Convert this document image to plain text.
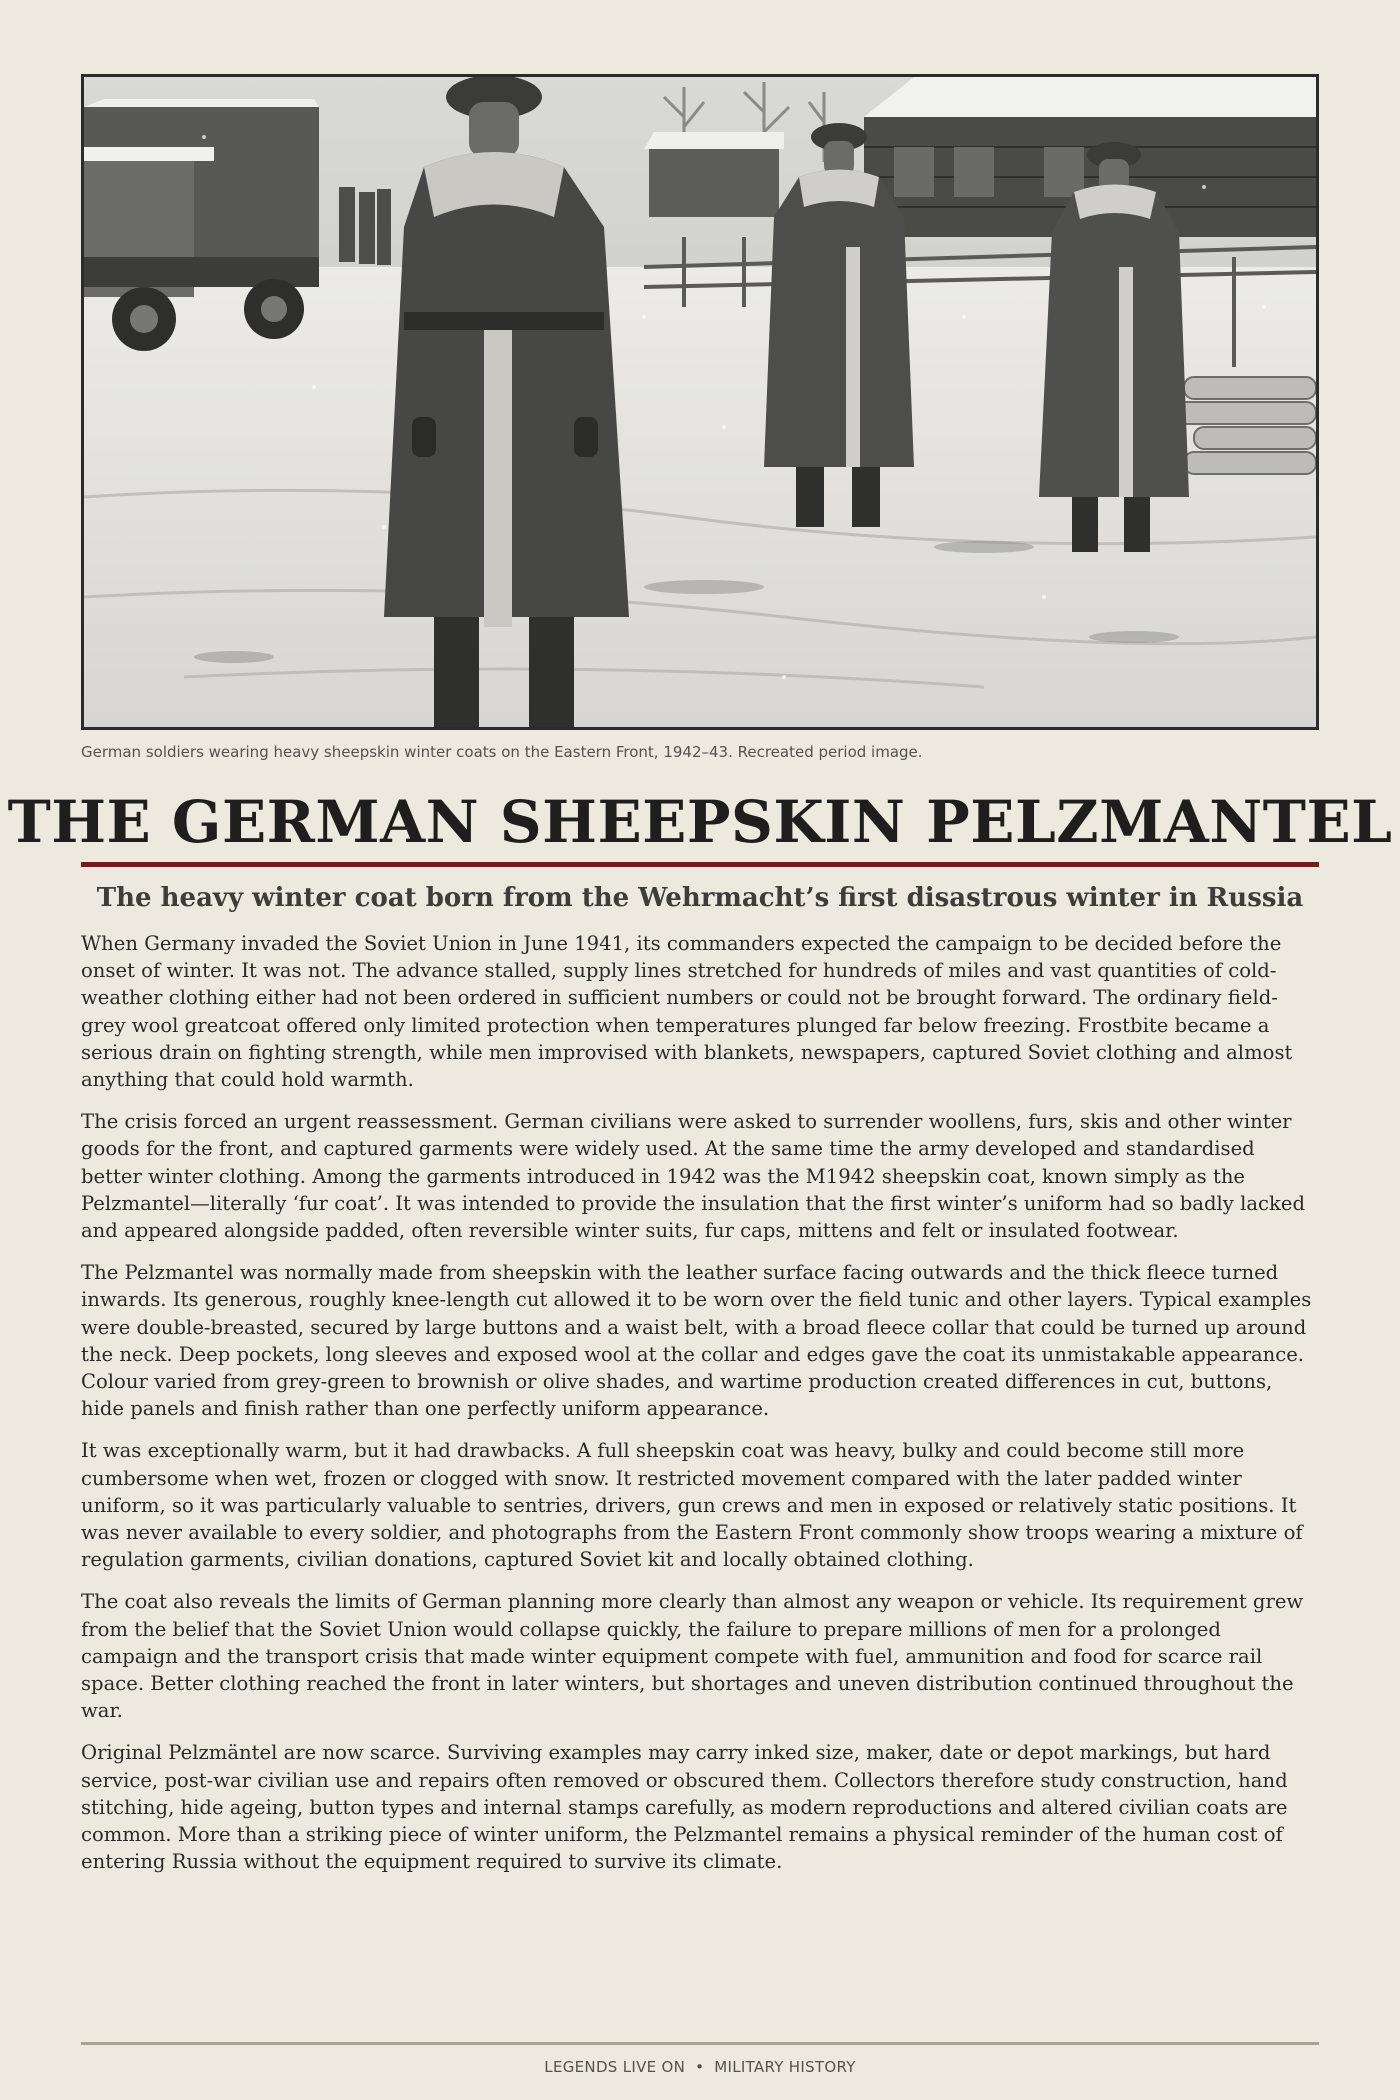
German soldiers wearing heavy sheepskin winter coats on the Eastern Front, 1942–43. Recreated period image.

THE GERMAN SHEEPSKIN PELZMANTEL
The heavy winter coat born from the Wehrmacht’s first disastrous winter in Russia

When Germany invaded the Soviet Union in June 1941, its commanders expected the campaign to be decided before the onset of winter. It was not. The advance stalled, supply lines stretched for hundreds of miles and vast quantities of cold-weather clothing either had not been ordered in sufficient numbers or could not be brought forward. The ordinary field-grey wool greatcoat offered only limited protection when temperatures plunged far below freezing. Frostbite became a serious drain on fighting strength, while men improvised with blankets, newspapers, captured Soviet clothing and almost anything that could hold warmth.

The crisis forced an urgent reassessment. German civilians were asked to surrender woollens, furs, skis and other winter goods for the front, and captured garments were widely used. At the same time the army developed and standardised better winter clothing. Among the garments introduced in 1942 was the M1942 sheepskin coat, known simply as the Pelzmantel—literally ‘fur coat’. It was intended to provide the insulation that the first winter’s uniform had so badly lacked and appeared alongside padded, often reversible winter suits, fur caps, mittens and felt or insulated footwear.

The Pelzmantel was normally made from sheepskin with the leather surface facing outwards and the thick fleece turned inwards. Its generous, roughly knee-length cut allowed it to be worn over the field tunic and other layers. Typical examples were double-breasted, secured by large buttons and a waist belt, with a broad fleece collar that could be turned up around the neck. Deep pockets, long sleeves and exposed wool at the collar and edges gave the coat its unmistakable appearance. Colour varied from grey-green to brownish or olive shades, and wartime production created differences in cut, buttons, hide panels and finish rather than one perfectly uniform appearance.

It was exceptionally warm, but it had drawbacks. A full sheepskin coat was heavy, bulky and could become still more cumbersome when wet, frozen or clogged with snow. It restricted movement compared with the later padded winter uniform, so it was particularly valuable to sentries, drivers, gun crews and men in exposed or relatively static positions. It was never available to every soldier, and photographs from the Eastern Front commonly show troops wearing a mixture of regulation garments, civilian donations, captured Soviet kit and locally obtained clothing.

The coat also reveals the limits of German planning more clearly than almost any weapon or vehicle. Its requirement grew from the belief that the Soviet Union would collapse quickly, the failure to prepare millions of men for a prolonged campaign and the transport crisis that made winter equipment compete with fuel, ammunition and food for scarce rail space. Better clothing reached the front in later winters, but shortages and uneven distribution continued throughout the war.

Original Pelzmäntel are now scarce. Surviving examples may carry inked size, maker, date or depot markings, but hard service, post-war civilian use and repairs often removed or obscured them. Collectors therefore study construction, hand stitching, hide ageing, button types and internal stamps carefully, as modern reproductions and altered civilian coats are common. More than a striking piece of winter uniform, the Pelzmantel remains a physical reminder of the human cost of entering Russia without the equipment required to survive its climate.

LEGENDS LIVE ON • MILITARY HISTORY
